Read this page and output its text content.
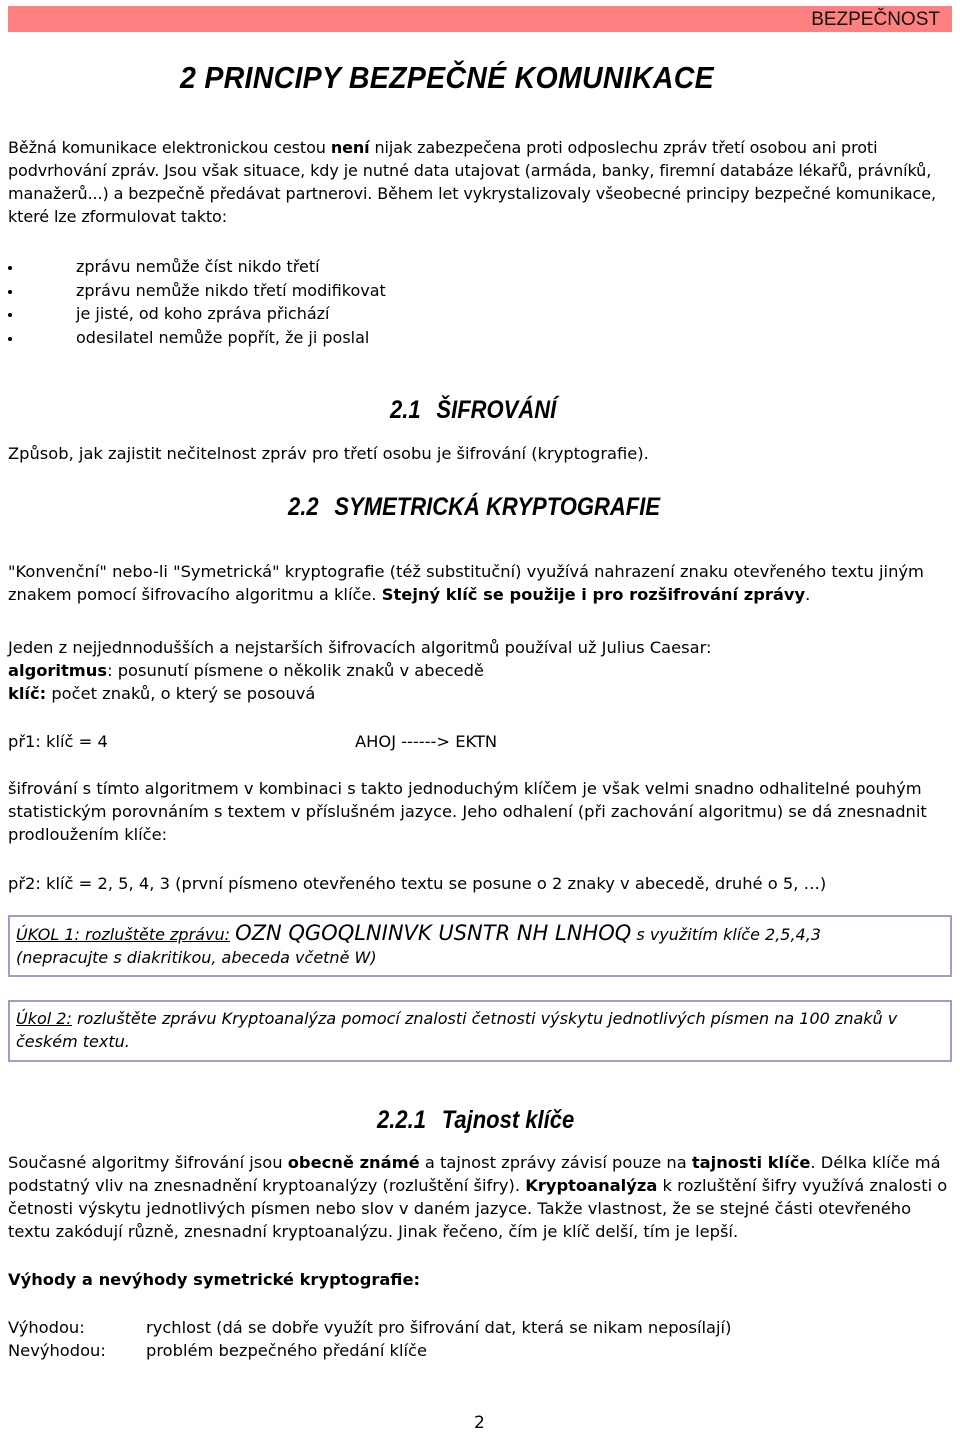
BEZPEČNOST
2 PRINCIPY BEZPEČNÉ KOMUNIKACE
Běžná komunikace elektronickou cestou není nijak zabezpečena proti odposlechu zpráv třetí osobou ani proti podvrhování zpráv. Jsou však situace, kdy je nutné data utajovat (armáda, banky, firemní databáze lékařů, právníků, manažerů...) a bezpečně předávat partnerovi. Během let vykrystalizovaly všeobecné principy bezpečné komunikace, které lze zformulovat takto:
zprávu nemůže číst nikdo třetí
zprávu nemůže nikdo třetí modifikovat
je jisté, od koho zpráva přichází
odesilatel nemůže popřít, že ji poslal
2.1 ŠIFROVÁNÍ
Způsob, jak zajistit nečitelnost zpráv pro třetí osobu je šifrování (kryptografie).
2.2 SYMETRICKÁ KRYPTOGRAFIE
"Konvenční" nebo-li "Symetrická" kryptografie (též substituční) využívá nahrazení znaku otevřeného textu jiným znakem pomocí šifrovacího algoritmu a klíče. Stejný klíč se použije i pro rozšifrování zprávy.
Jeden z nejjednnodušších a nejstarších šifrovacích algoritmů používal už Julius Caesar:
algoritmus: posunutí písmene o několik znaků v abecedě
klíč: počet znaků, o který se posouvá
př1: klíč = 4	AHOJ ------> EKTN
šifrování s tímto algoritmem v kombinaci s takto jednoduchým klíčem je však velmi snadno odhalitelné pouhým statistickým porovnáním s textem v příslušném jazyce. Jeho odhalení (při zachování algoritmu) se dá znesnadnit prodloužením klíče:
př2: klíč = 2, 5, 4, 3 (první písmeno otevřeného textu se posune o 2 znaky v abecedě, druhé o 5, …)
ÚKOL 1: rozluštěte zprávu: OZN QGOQLNINVK USNTR NH LNHOQ s využitím klíče 2,5,4,3
(nepracujte s diakritikou, abeceda včetně W)
Úkol 2: rozluštěte zprávu Kryptoanalýza pomocí znalosti četnosti výskytu jednotlivých písmen na 100 znaků v českém textu.
2.2.1 Tajnost klíče
Současné algoritmy šifrování jsou obecně známé a tajnost zprávy závisí pouze na tajnosti klíče. Délka klíče má podstatný vliv na znesnadnění kryptoanalýzy (rozluštění šifry). Kryptoanalýza k rozluštění šifry využívá znalosti o četnosti výskytu jednotlivých písmen nebo slov v daném jazyce. Takže vlastnost, že se stejné části otevřeného textu zakódují různě, znesnadní kryptoanalýzu. Jinak řečeno, čím je klíč delší, tím je lepší.
Výhody a nevýhody symetrické kryptografie:
Výhodou:	rychlost (dá se dobře využít pro šifrování dat, která se nikam neposílají)
Nevýhodou:	problém bezpečného předání klíče
2
